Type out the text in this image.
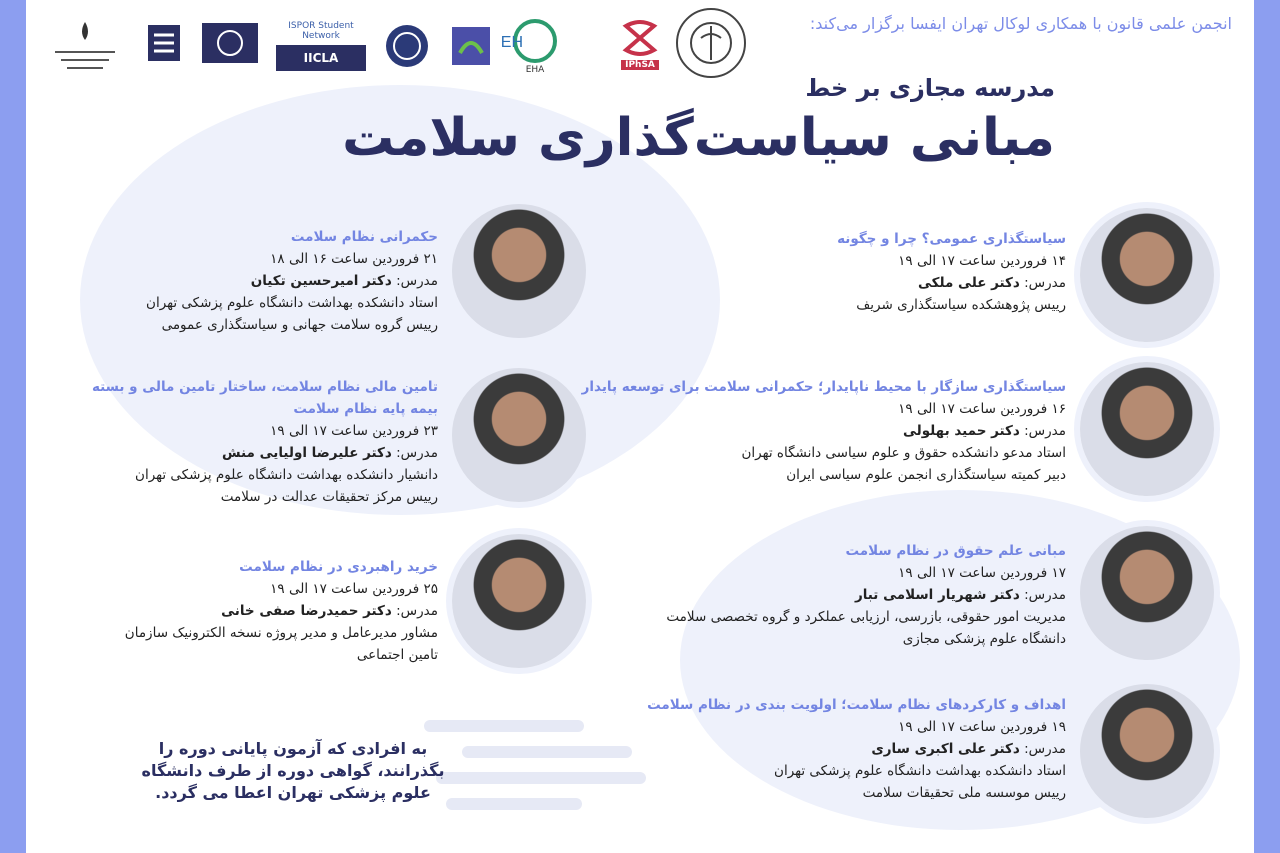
انجمن علمی قانون با همکاری لوکال تهران ایفسا برگزار می‌کند:
IPhSA
EH
EHA
ISPOR Student Network
IICLA
مدرسه مجازی بر خط
مبانی سیاست‌گذاری سلامت
سیاستگذاری عمومی؟ چرا و چگونه
۱۴ فروردین ساعت ۱۷ الی ۱۹
مدرس: دکتر علی ملکی
رییس پژوهشکده سیاستگذاری شریف
سیاستگذاری سازگار با محیط ناپایدار؛ حکمرانی سلامت برای توسعه پایدار
۱۶ فروردین ساعت ۱۷ الی ۱۹
مدرس: دکتر حمید بهلولی
استاد مدعو دانشکده حقوق و علوم سیاسی دانشگاه تهران
دبیر کمیته سیاستگذاری انجمن علوم سیاسی ایران
مبانی علم حقوق در نظام سلامت
۱۷ فروردین ساعت ۱۷ الی ۱۹
مدرس: دکتر شهریار اسلامی تبار
مدیریت امور حقوقی، بازرسی، ارزیابی عملکرد و گروه تخصصی سلامت
دانشگاه علوم پزشکی مجازی
اهداف و کارکردهای نظام سلامت؛ اولویت بندی در نظام سلامت
۱۹ فروردین ساعت ۱۷ الی ۱۹
مدرس: دکتر علی اکبری ساری
استاد دانشکده بهداشت دانشگاه علوم پزشکی تهران
رییس موسسه ملی تحقیقات سلامت
حکمرانی نظام سلامت
۲۱ فروردین ساعت ۱۶ الی ۱۸
مدرس: دکتر امیرحسین تکیان
استاد دانشکده بهداشت دانشگاه علوم پزشکی تهران
رییس گروه سلامت جهانی و سیاستگذاری عمومی
تامین مالی نظام سلامت، ساختار تامین مالی و بسته بیمه پایه نظام سلامت
۲۳ فروردین ساعت ۱۷ الی ۱۹
مدرس: دکتر علیرضا اولیایی منش
دانشیار دانشکده بهداشت دانشگاه علوم پزشکی تهران
رییس مرکز تحقیقات عدالت در سلامت
خرید راهبردی در نظام سلامت
۲۵ فروردین ساعت ۱۷ الی ۱۹
مدرس: دکتر حمیدرضا صفی خانی
مشاور مدیرعامل و مدیر پروژه نسخه الکترونیک سازمان
تامین اجتماعی
به افرادی که آزمون پایانی دوره را بگذرانند، گواهی دوره از طرف دانشگاه علوم پزشکی تهران اعطا می گردد.
